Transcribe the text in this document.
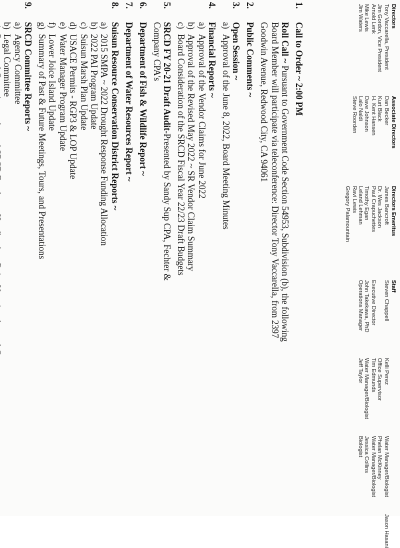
Directors
Tony Vaccarella, President
Jim Gordon, Vice President
Arnold Lenk
Mike Lewis
Jim Waters
Associate Directors
Dan Becker
Kurt Black
H. Kent Hansen
Dave Johnson
Lalo Naldi
Steve Roorden
Directors Emeritus
James Bancroft
Dr. Wes Jackson
Paul Crapuchettes
Timothy Egan
Leland Lehman
Ravi Lewis
Gregory Palamountain
Staff
Steven Chappell
Executive Director
John Takekawa, PhD
Operations Manager
Kelli Perez
Office Supervisor
Tim Edmunds
Water Manager/Biologist
Jeff Taylor
Water Manager/Biologist
Phelan McKinney
Water Manager/Biologist
Jessica Collins
Biologist
Jason Hasani
1.
Call to Order ~ 2:00 PM
Roll Call ~ Pursuant to Government Code Section 54953, Subdivision (b), the following
Board Member will participate via teleconference: Director Tony Vaccarella, from 2397
Goodwin Avenue, Redwood City, CA 94061
2.
Public Comments ~
3.
Open Session ~
a)
Approval of the June 8, 2022, Board Meeting Minutes
4.
Financial Reports ~
a)
Approval of the Vendor Claims for June 2022
b)
Approval of the Revised May 2022 ~ SR Vendor Claim Summary
c)
Board Consideration of the SRCD Fiscal Year 22/23 Draft Budgets
5.
SRCD FY 20-21 Draft Audit-Presented by Sandy Sup CPA, Fechter &
Company CPA's
6.
Department of Fish & Wildlife Report ~
7.
Department of Water Resources Report ~
8.
Suisun Resource Conservation District Reports ~
a)
2015 SMPA ~ 2022 Drought Response Funding Allocation
b)
2022 PAI Program Update
c)
Suisun Marsh Plan Update
d)
USACE Permits - RGP3 & LOP Update
e)
Water Manager Program Update
f)
Lower Joice Island Update
g)
Summary of Past & Future Meetings, Tours, and Presentations
9.
SRCD Committee Reports ~
a)
Agency Committee
b)
Legal Committee
